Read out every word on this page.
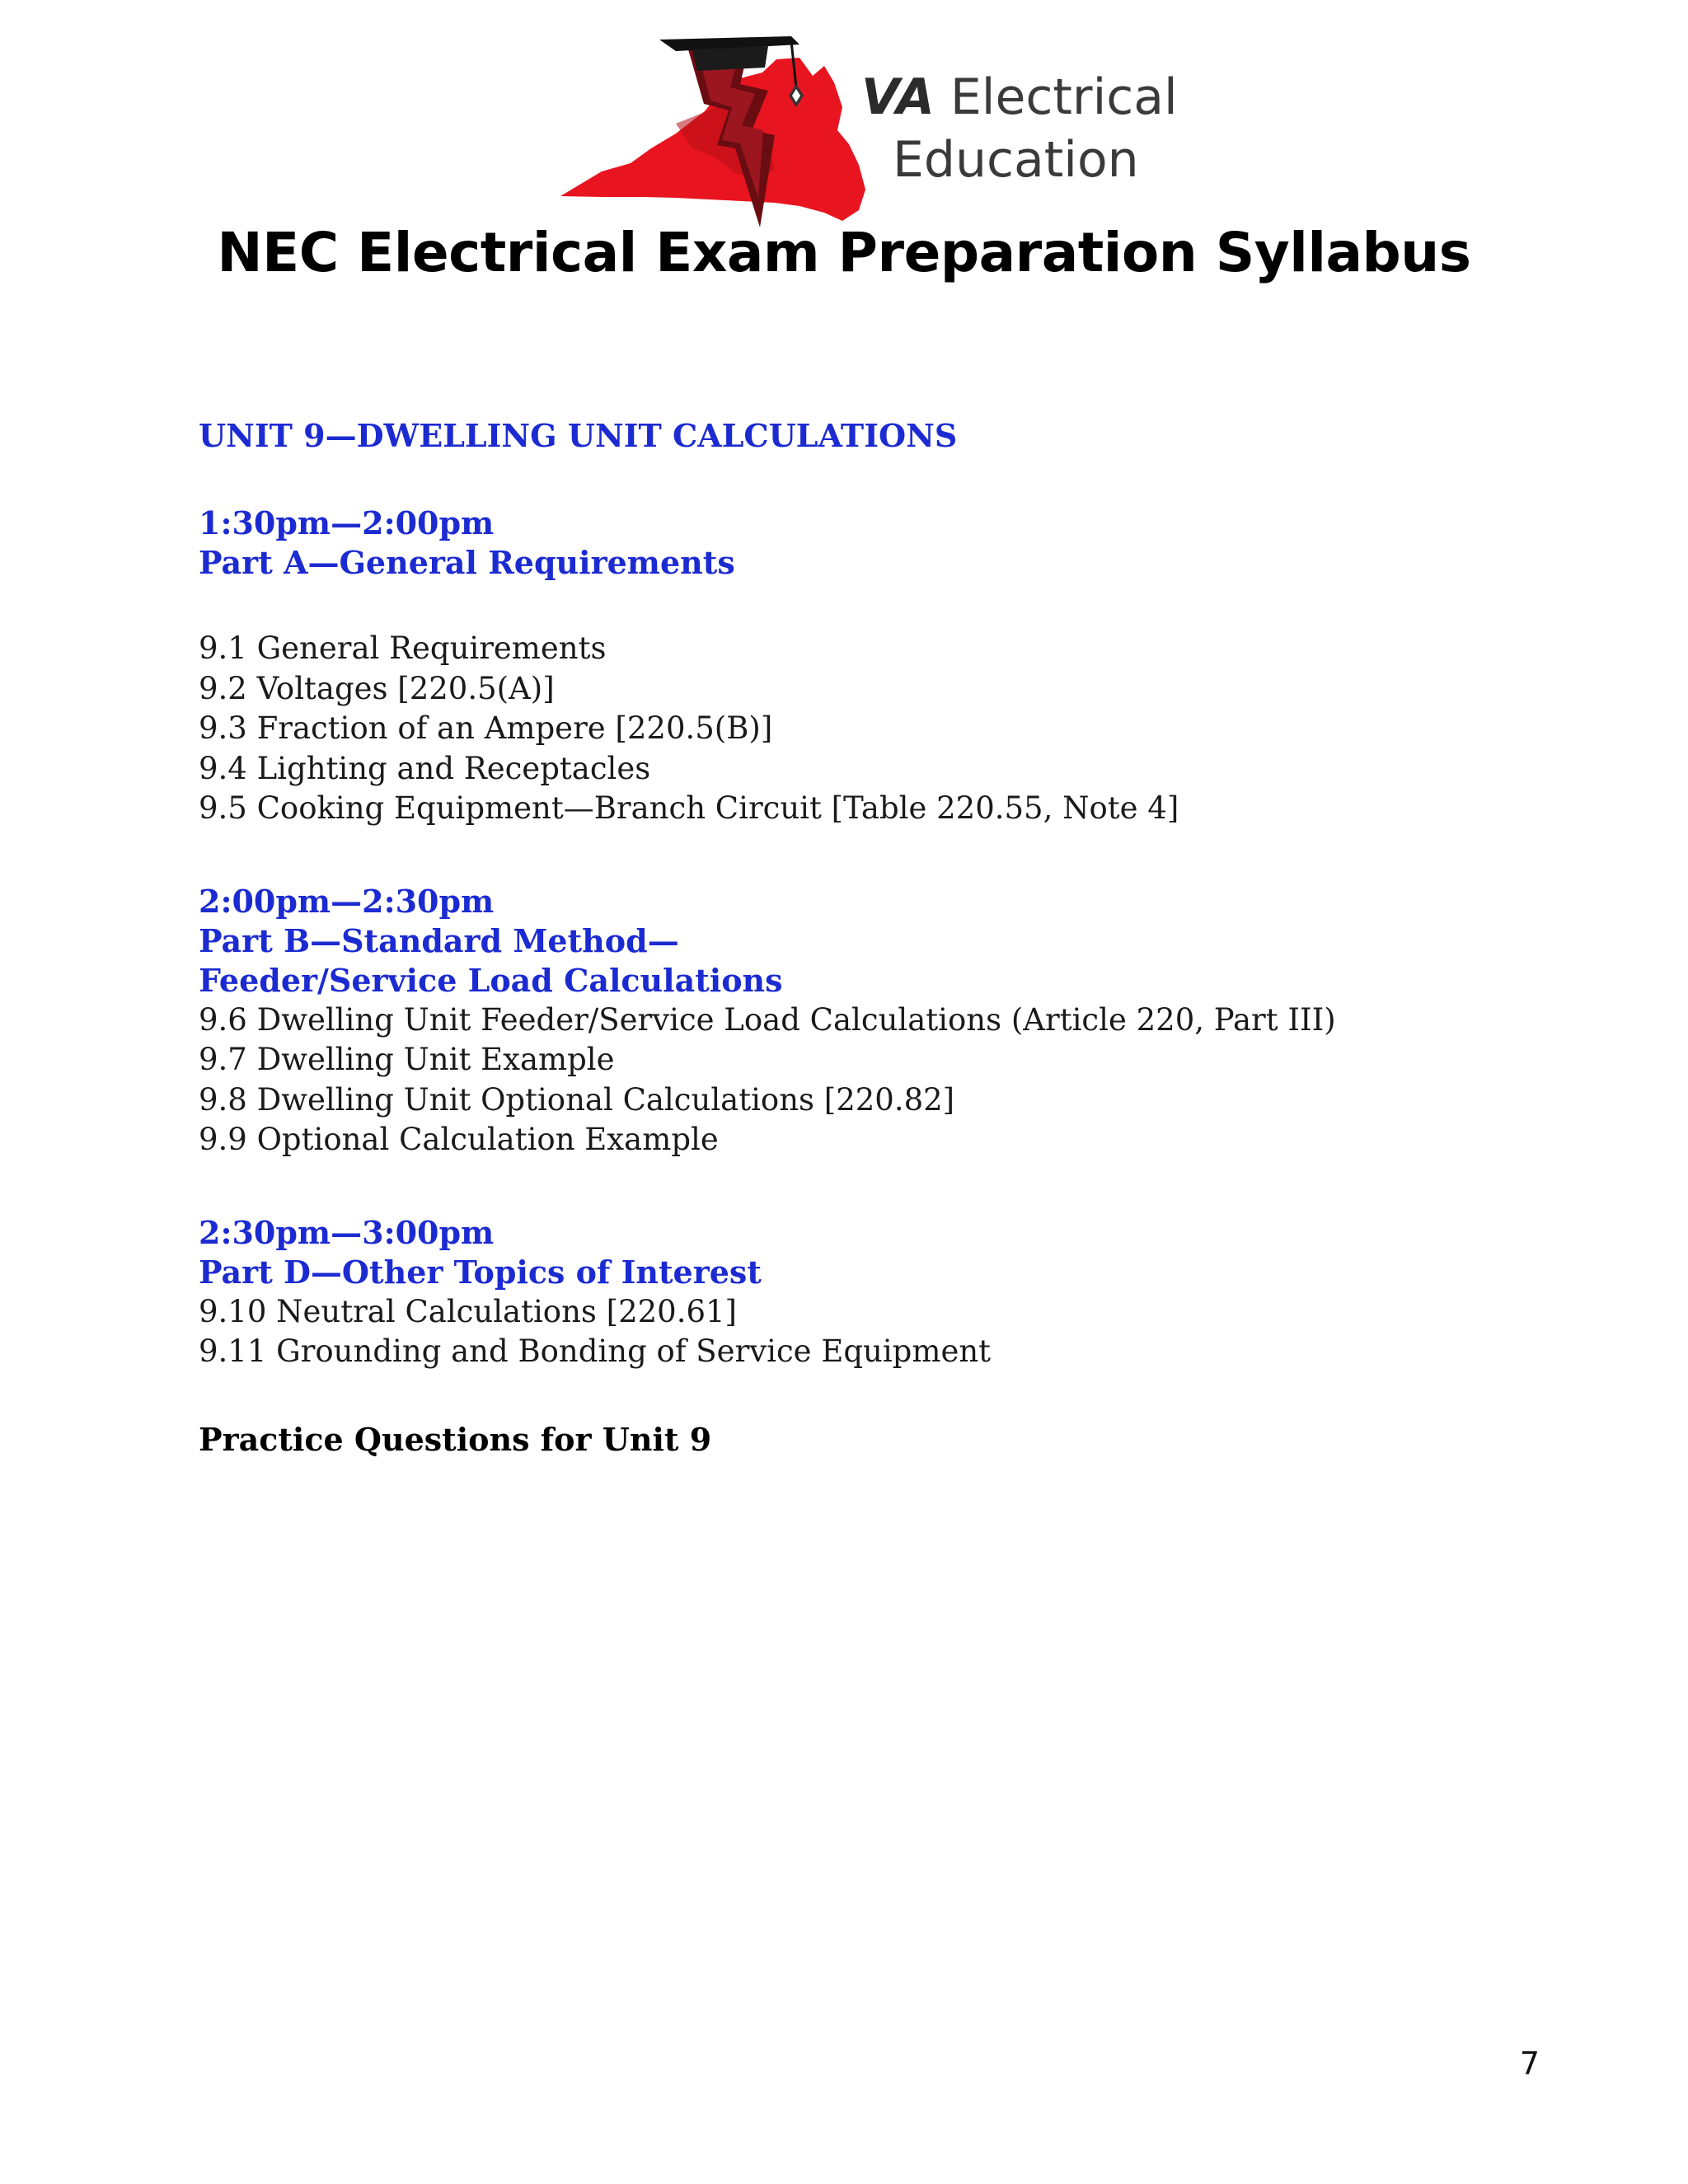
VA Electrical
Education
NEC Electrical Exam Preparation Syllabus
UNIT 9—DWELLING UNIT CALCULATIONS
1:30pm—2:00pm
Part A—General Requirements
9.1 General Requirements
9.2 Voltages [220.5(A)]
9.3 Fraction of an Ampere [220.5(B)]
9.4 Lighting and Receptacles
9.5 Cooking Equipment—Branch Circuit [Table 220.55, Note 4]
2:00pm—2:30pm
Part B—Standard Method—
Feeder/Service Load Calculations
9.6 Dwelling Unit Feeder/Service Load Calculations (Article 220, Part III)
9.7 Dwelling Unit Example
9.8 Dwelling Unit Optional Calculations [220.82]
9.9 Optional Calculation Example
2:30pm—3:00pm
Part D—Other Topics of Interest
9.10 Neutral Calculations [220.61]
9.11 Grounding and Bonding of Service Equipment
Practice Questions for Unit 9
7
